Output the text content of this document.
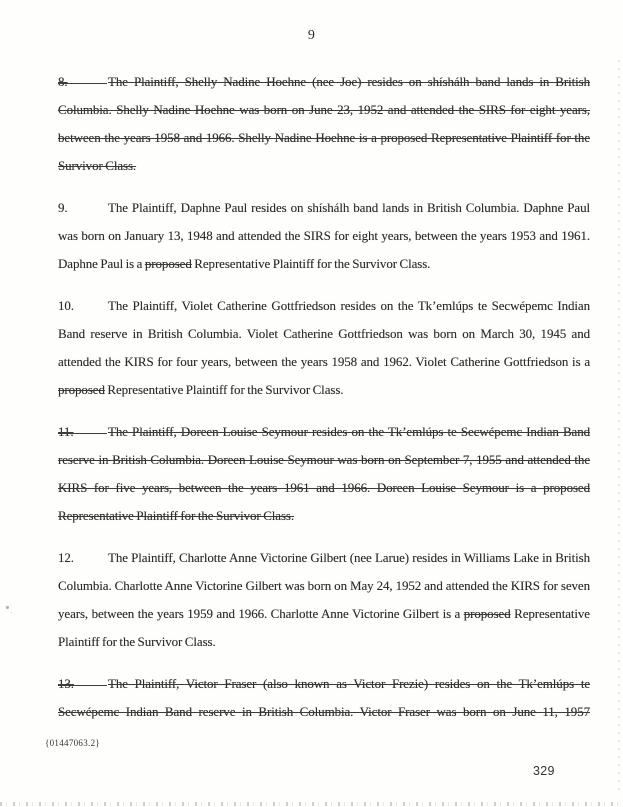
9

8.	The Plaintiff, Shelly Nadine Hoehne (nee Joe) resides on shíshálh band lands in British Columbia. Shelly Nadine Hoehne was born on June 23, 1952 and attended the SIRS for eight years, between the years 1958 and 1966. Shelly Nadine Hoehne is a proposed Representative Plaintiff for the Survivor Class.

9.	The Plaintiff, Daphne Paul resides on shíshálh band lands in British Columbia. Daphne Paul was born on January 13, 1948 and attended the SIRS for eight years, between the years 1953 and 1961. Daphne Paul is a proposed Representative Plaintiff for the Survivor Class.

10.	The Plaintiff, Violet Catherine Gottfriedson resides on the Tk’emlúps te Secwépemc Indian Band reserve in British Columbia. Violet Catherine Gottfriedson was born on March 30, 1945 and attended the KIRS for four years, between the years 1958 and 1962. Violet Catherine Gottfriedson is a proposed Representative Plaintiff for the Survivor Class.

11.	The Plaintiff, Doreen Louise Seymour resides on the Tk’emlúps te Secwépemc Indian Band reserve in British Columbia. Doreen Louise Seymour was born on September 7, 1955 and attended the KIRS for five years, between the years 1961 and 1966. Doreen Louise Seymour is a proposed Representative Plaintiff for the Survivor Class.

12.	The Plaintiff, Charlotte Anne Victorine Gilbert (nee Larue) resides in Williams Lake in British Columbia. Charlotte Anne Victorine Gilbert was born on May 24, 1952 and attended the KIRS for seven years, between the years 1959 and 1966. Charlotte Anne Victorine Gilbert is a proposed Representative Plaintiff for the Survivor Class.

13.	The Plaintiff, Victor Fraser (also known as Victor Frezie) resides on the Tk’emlúps te Secwépemc Indian Band reserve in British Columbia. Victor Fraser was born on June 11, 1957

{01447063.2}
329
